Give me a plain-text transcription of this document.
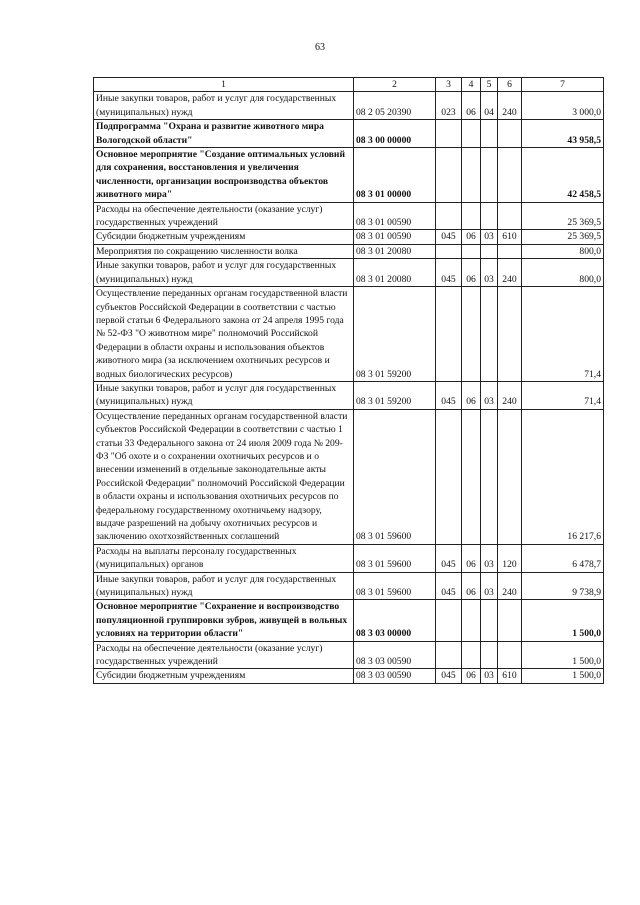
63
1	2	3	4	5	6	7
Иные закупки товаров, работ и услуг для государственных (муниципальных) нужд	08 2 05 20390	023	06	04	240	3 000,0
Подпрограмма "Охрана и развитие животного мира Вологодской области"	08 3 00 00000					43 958,5
Основное мероприятие "Создание оптимальных условий для сохранения, восстановления и увеличения численности, организации воспроизводства объектов животного мира"	08 3 01 00000					42 458,5
Расходы на обеспечение деятельности (оказание услуг) государственных учреждений	08 3 01 00590					25 369,5
Субсидии бюджетным учреждениям	08 3 01 00590	045	06	03	610	25 369,5
Мероприятия по сокращению численности волка	08 3 01 20080					800,0
Иные закупки товаров, работ и услуг для государственных (муниципальных) нужд	08 3 01 20080	045	06	03	240	800,0
Осуществление переданных органам государственной власти субъектов Российской Федерации в соответствии с частью первой статьи 6 Федерального закона от 24 апреля 1995 года № 52-ФЗ "О животном мире" полномочий Российской Федерации в области охраны и использования объектов животного мира (за исключением охотничьих ресурсов и водных биологических ресурсов)	08 3 01 59200					71,4
Иные закупки товаров, работ и услуг для государственных (муниципальных) нужд	08 3 01 59200	045	06	03	240	71,4
Осуществление переданных органам государственной власти субъектов Российской Федерации в соответствии с частью 1 статьи 33 Федерального закона от 24 июля 2009 года № 209-ФЗ "Об охоте и о сохранении охотничьих ресурсов и о внесении изменений в отдельные законодательные акты Российской Федерации" полномочий Российской Федерации в области охраны и использования охотничьих ресурсов по федеральному государственному охотничьему надзору, выдаче разрешений на добычу охотничьих ресурсов и заключению охотхозяйственных соглашений	08 3 01 59600					16 217,6
Расходы на выплаты персоналу государственных (муниципальных) органов	08 3 01 59600	045	06	03	120	6 478,7
Иные закупки товаров, работ и услуг для государственных (муниципальных) нужд	08 3 01 59600	045	06	03	240	9 738,9
Основное мероприятие "Сохранение и воспроизводство популяционной группировки зубров, живущей в вольных условиях на территории области"	08 3 03 00000					1 500,0
Расходы на обеспечение деятельности (оказание услуг) государственных учреждений	08 3 03 00590					1 500,0
Субсидии бюджетным учреждениям	08 3 03 00590	045	06	03	610	1 500,0
